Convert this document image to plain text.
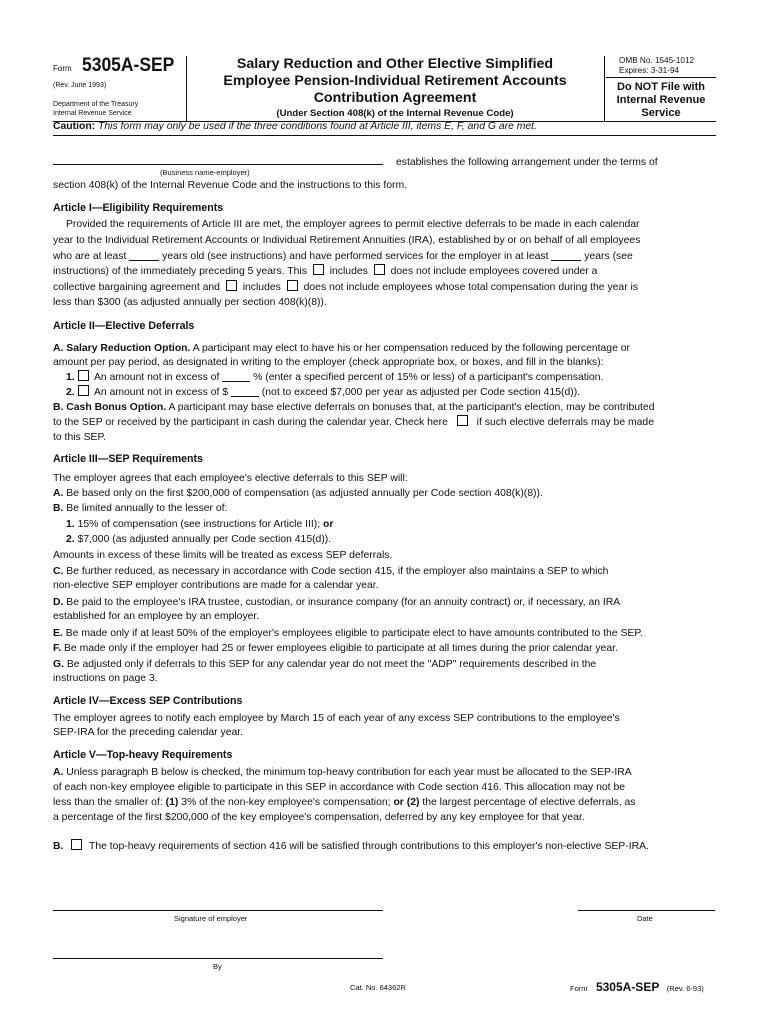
Form 5305A-SEP
(Rev. June 1993)
Department of the Treasury
Internal Revenue Service
Salary Reduction and Other Elective Simplified
Employee Pension-Individual Retirement Accounts
Contribution Agreement
(Under Section 408(k) of the Internal Revenue Code)
OMB No. 1545-1012
Expires: 3-31-94
Do NOT File with
Internal Revenue
Service
Caution: This form may only be used if the three conditions found at Article III, items E, F, and G are met.
(Business name-employer)
establishes the following arrangement under the terms of
section 408(k) of the Internal Revenue Code and the instructions to this form.
Article I—Eligibility Requirements
Provided the requirements of Article III are met, the employer agrees to permit elective deferrals to be made in each calendar
year to the Individual Retirement Accounts or Individual Retirement Annuities (IRA), established by or on behalf of all employees
who are at least	years old (see instructions) and have performed services for the employer in at least	years (see
instructions) of the immediately preceding 5 years. This includes does not include employees covered under a
collective bargaining agreement and includes does not include employees whose total compensation during the year is
less than $300 (as adjusted annually per section 408(k)(8)).
Article II—Elective Deferrals
A. Salary Reduction Option. A participant may elect to have his or her compensation reduced by the following percentage or
amount per pay period, as designated in writing to the employer (check appropriate box, or boxes, and fill in the blanks):
1. An amount not in excess of	% (enter a specified percent of 15% or less) of a participant's compensation.
2. An amount not in excess of $	(not to exceed $7,000 per year as adjusted per Code section 415(d)).
B. Cash Bonus Option. A participant may base elective deferrals on bonuses that, at the participant's election, may be contributed
to the SEP or received by the participant in cash during the calendar year. Check here	if such elective deferrals may be made
to this SEP.
Article III—SEP Requirements
The employer agrees that each employee's elective deferrals to this SEP will:
A. Be based only on the first $200,000 of compensation (as adjusted annually per Code section 408(k)(8)).
B. Be limited annually to the lesser of:
1. 15% of compensation (see instructions for Article III); or
2. $7,000 (as adjusted annually per Code section 415(d)).
Amounts in excess of these limits will be treated as excess SEP deferrals.
C. Be further reduced, as necessary in accordance with Code section 415, if the employer also maintains a SEP to which
non-elective SEP employer contributions are made for a calendar year.
D. Be paid to the employee's IRA trustee, custodian, or insurance company (for an annuity contract) or, if necessary, an IRA
established for an employee by an employer.
E. Be made only if at least 50% of the employer's employees eligible to participate elect to have amounts contributed to the SEP.
F. Be made only if the employer had 25 or fewer employees eligible to participate at all times during the prior calendar year.
G. Be adjusted only if deferrals to this SEP for any calendar year do not meet the "ADP" requirements described in the
instructions on page 3.
Article IV—Excess SEP Contributions
The employer agrees to notify each employee by March 15 of each year of any excess SEP contributions to the employee's
SEP-IRA for the preceding calendar year.
Article V—Top-heavy Requirements
A. Unless paragraph B below is checked, the minimum top-heavy contribution for each year must be allocated to the SEP-IRA
of each non-key employee eligible to participate in this SEP in accordance with Code section 416. This allocation may not be
less than the smaller of: (1) 3% of the non-key employee's compensation; or (2) the largest percentage of elective deferrals, as
a percentage of the first $200,000 of the key employee's compensation, deferred by any key employee for that year.
B. The top-heavy requirements of section 416 will be satisfied through contributions to this employer's non-elective SEP-IRA.
Signature of employer	Date
By
Cat. No. 64362R	Form 5305A-SEP (Rev. 6-93)
